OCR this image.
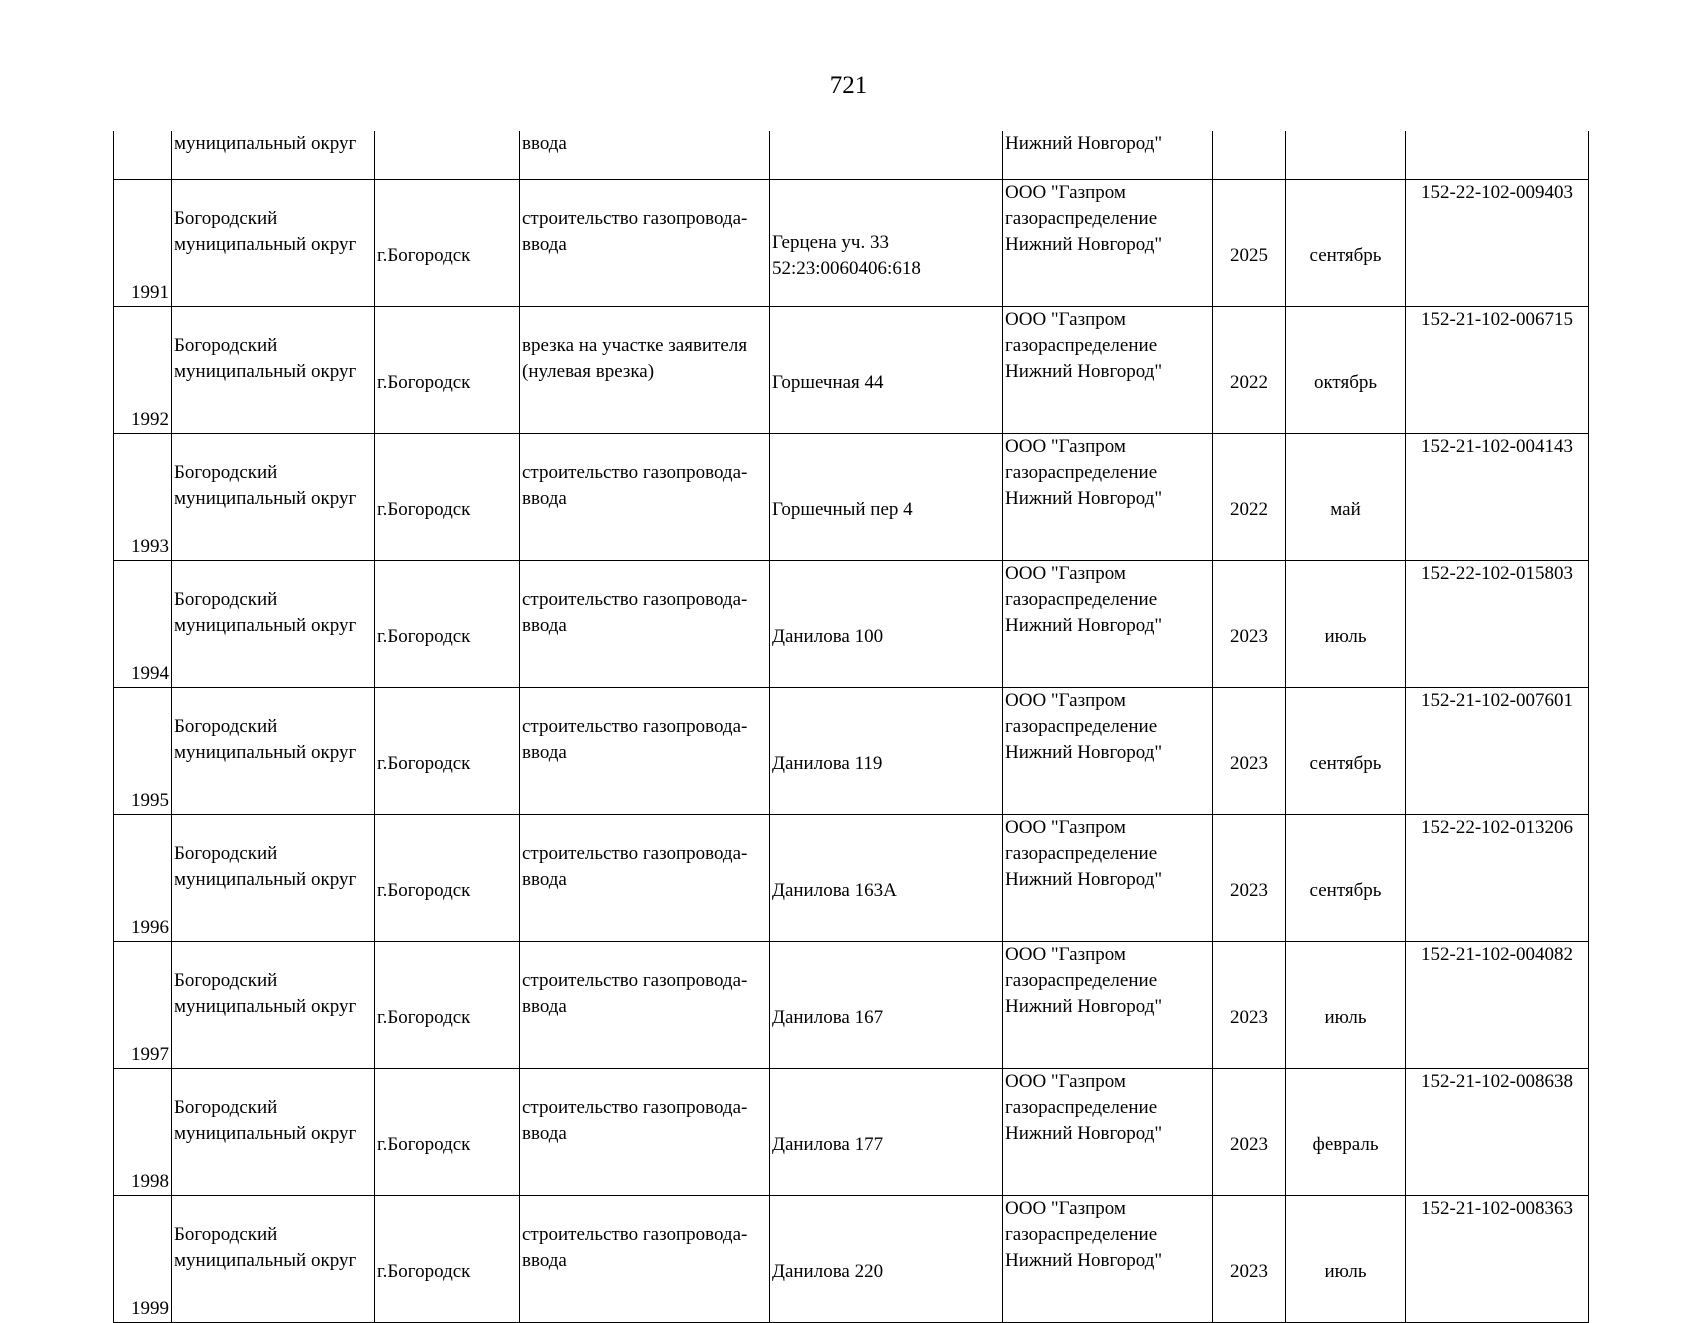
721
	муниципальный округ		ввода		Нижний Новгород"			
1991	Богородский муниципальный округ	г.Богородск	строительство газопровода-ввода	Герцена уч. 33 52:23:0060406:618	ООО "Газпром газораспределение Нижний Новгород"	2025	сентябрь	152-22-102-009403
1992	Богородский муниципальный округ	г.Богородск	врезка на участке заявителя (нулевая врезка)	Горшечная 44	ООО "Газпром газораспределение Нижний Новгород"	2022	октябрь	152-21-102-006715
1993	Богородский муниципальный округ	г.Богородск	строительство газопровода-ввода	Горшечный пер 4	ООО "Газпром газораспределение Нижний Новгород"	2022	май	152-21-102-004143
1994	Богородский муниципальный округ	г.Богородск	строительство газопровода-ввода	Данилова 100	ООО "Газпром газораспределение Нижний Новгород"	2023	июль	152-22-102-015803
1995	Богородский муниципальный округ	г.Богородск	строительство газопровода-ввода	Данилова 119	ООО "Газпром газораспределение Нижний Новгород"	2023	сентябрь	152-21-102-007601
1996	Богородский муниципальный округ	г.Богородск	строительство газопровода-ввода	Данилова 163А	ООО "Газпром газораспределение Нижний Новгород"	2023	сентябрь	152-22-102-013206
1997	Богородский муниципальный округ	г.Богородск	строительство газопровода-ввода	Данилова 167	ООО "Газпром газораспределение Нижний Новгород"	2023	июль	152-21-102-004082
1998	Богородский муниципальный округ	г.Богородск	строительство газопровода-ввода	Данилова 177	ООО "Газпром газораспределение Нижний Новгород"	2023	февраль	152-21-102-008638
1999	Богородский муниципальный округ	г.Богородск	строительство газопровода-ввода	Данилова 220	ООО "Газпром газораспределение Нижний Новгород"	2023	июль	152-21-102-008363
